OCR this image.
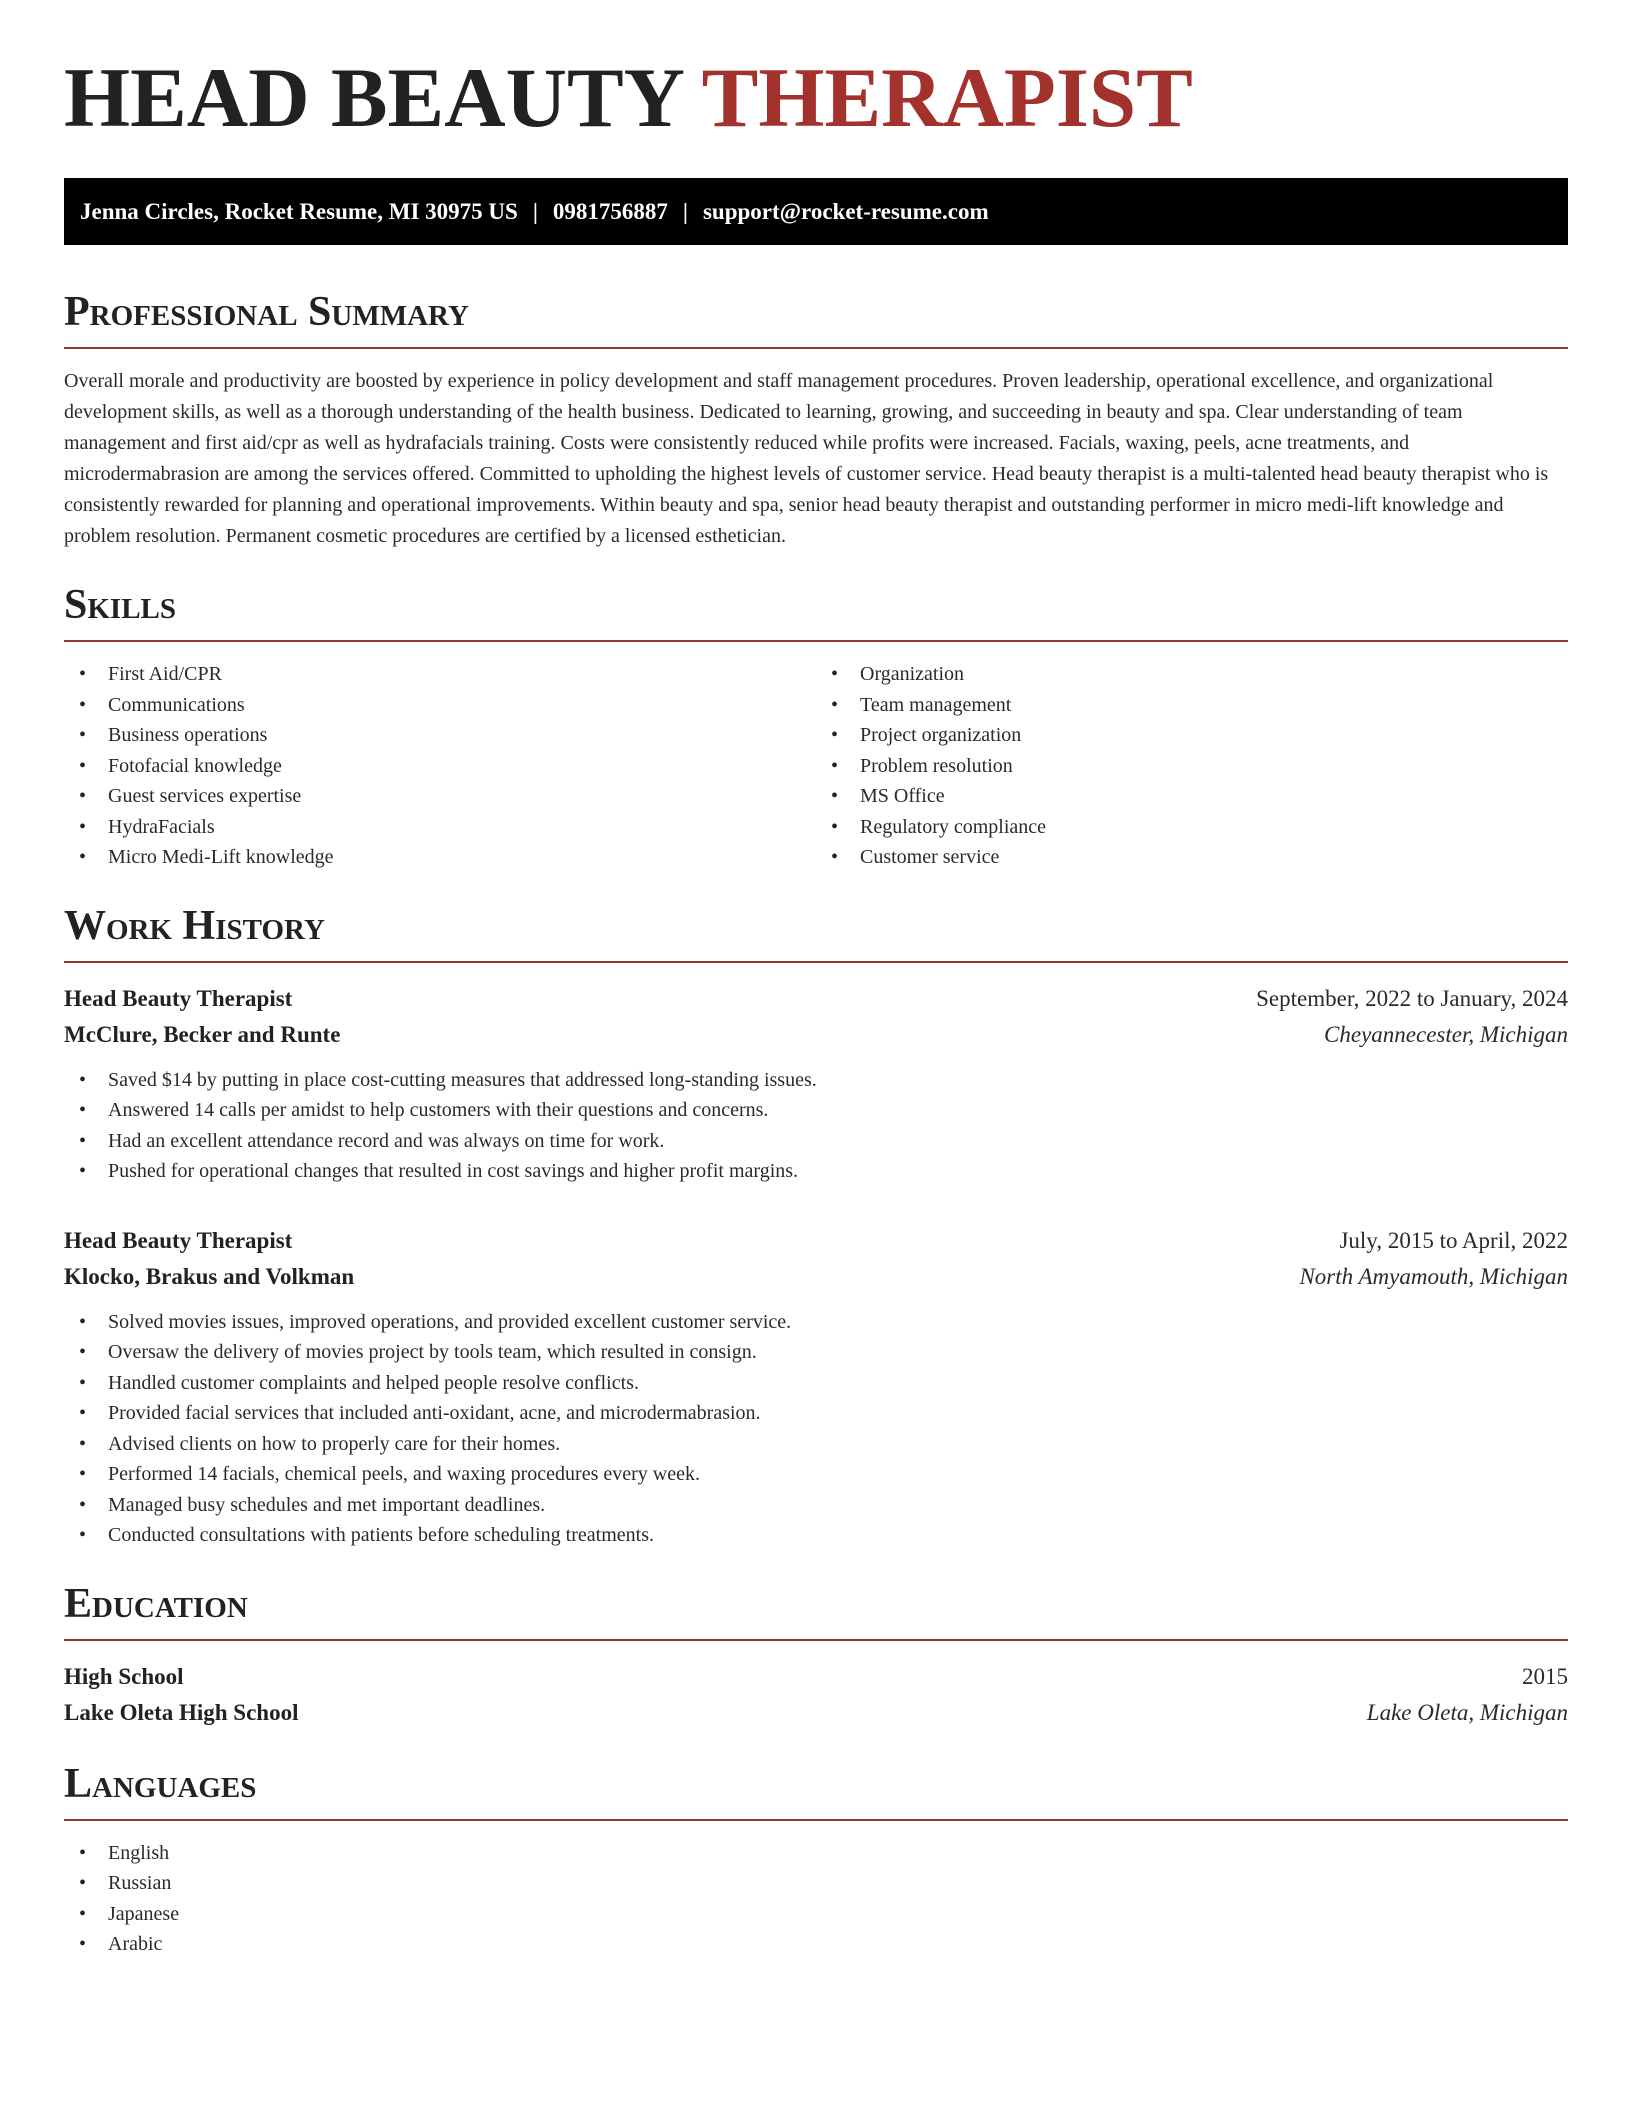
HEAD BEAUTY THERAPIST
Jenna Circles, Rocket Resume, MI 30975 US | 0981756887 | support@rocket-resume.com
Professional Summary

Overall morale and productivity are boosted by experience in policy development and staff management procedures. Proven leadership, operational excellence, and organizational development skills, as well as a thorough understanding of the health business. Dedicated to learning, growing, and succeeding in beauty and spa. Clear understanding of team management and first aid/cpr as well as hydrafacials training. Costs were consistently reduced while profits were increased. Facials, waxing, peels, acne treatments, and microdermabrasion are among the services offered. Committed to upholding the highest levels of customer service. Head beauty therapist is a multi-talented head beauty therapist who is consistently rewarded for planning and operational improvements. Within beauty and spa, senior head beauty therapist and outstanding performer in micro medi-lift knowledge and problem resolution. Permanent cosmetic procedures are certified by a licensed esthetician.

Skills
• First Aid/CPR
• Communications
• Business operations
• Fotofacial knowledge
• Guest services expertise
• HydraFacials
• Micro Medi-Lift knowledge
• Organization
• Team management
• Project organization
• Problem resolution
• MS Office
• Regulatory compliance
• Customer service
Work History
Head Beauty Therapist	September, 2022 to January, 2024
McClure, Becker and Runte	Cheyannecester, Michigan
• Saved $14 by putting in place cost-cutting measures that addressed long-standing issues.
• Answered 14 calls per amidst to help customers with their questions and concerns.
• Had an excellent attendance record and was always on time for work.
• Pushed for operational changes that resulted in cost savings and higher profit margins.
Head Beauty Therapist	July, 2015 to April, 2022
Klocko, Brakus and Volkman	North Amyamouth, Michigan
• Solved movies issues, improved operations, and provided excellent customer service.
• Oversaw the delivery of movies project by tools team, which resulted in consign.
• Handled customer complaints and helped people resolve conflicts.
• Provided facial services that included anti-oxidant, acne, and microdermabrasion.
• Advised clients on how to properly care for their homes.
• Performed 14 facials, chemical peels, and waxing procedures every week.
• Managed busy schedules and met important deadlines.
• Conducted consultations with patients before scheduling treatments.
Education
High School	2015
Lake Oleta High School	Lake Oleta, Michigan
Languages
• English
• Russian
• Japanese
• Arabic
